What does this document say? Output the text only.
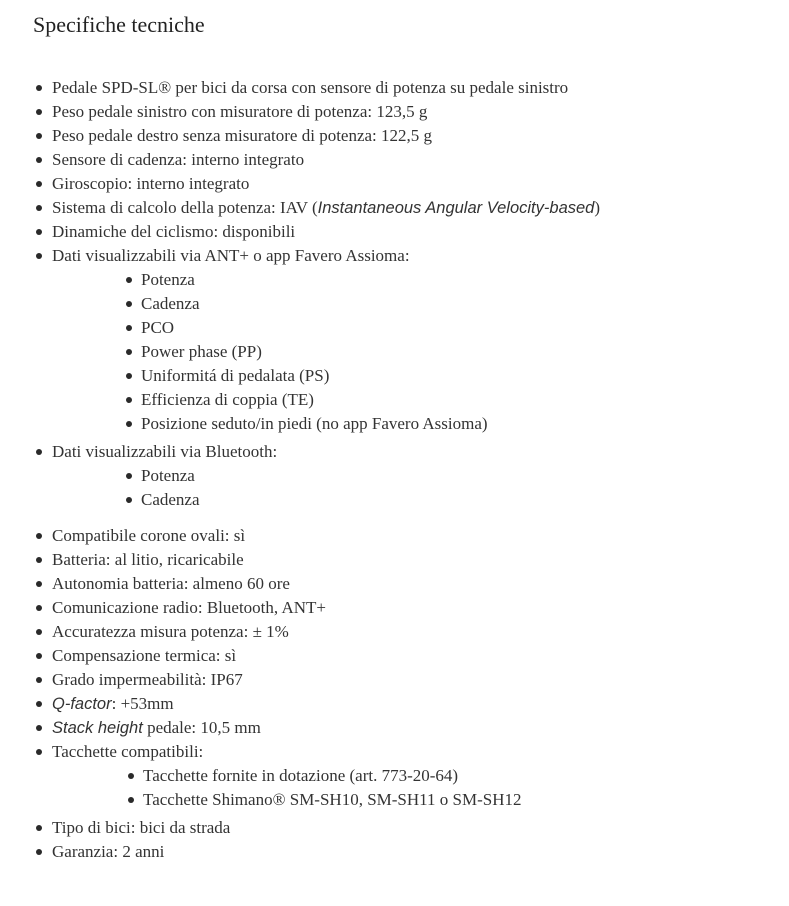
Specifiche tecniche
Pedale SPD-SL® per bici da corsa con sensore di potenza su pedale sinistro
Peso pedale sinistro con misuratore di potenza: 123,5 g
Peso pedale destro senza misuratore di potenza: 122,5 g
Sensore di cadenza: interno integrato
Giroscopio: interno integrato
Sistema di calcolo della potenza: IAV (Instantaneous Angular Velocity-based)
Dinamiche del ciclismo: disponibili
Dati visualizzabili via ANT+ o app Favero Assioma:
Potenza
Cadenza
PCO
Power phase (PP)
Uniformitá di pedalata (PS)
Efficienza di coppia (TE)
Posizione seduto/in piedi (no app Favero Assioma)
Dati visualizzabili via Bluetooth:
Potenza
Cadenza
Compatibile corone ovali: sì
Batteria: al litio, ricaricabile
Autonomia batteria: almeno 60 ore
Comunicazione radio: Bluetooth, ANT+
Accuratezza misura potenza: ± 1%
Compensazione termica: sì
Grado impermeabilità: IP67
Q-factor: +53mm
Stack height pedale: 10,5 mm
Tacchette compatibili:
Tacchette fornite in dotazione (art. 773-20-64)
Tacchette Shimano® SM-SH10, SM-SH11 o SM-SH12
Tipo di bici: bici da strada
Garanzia: 2 anni
